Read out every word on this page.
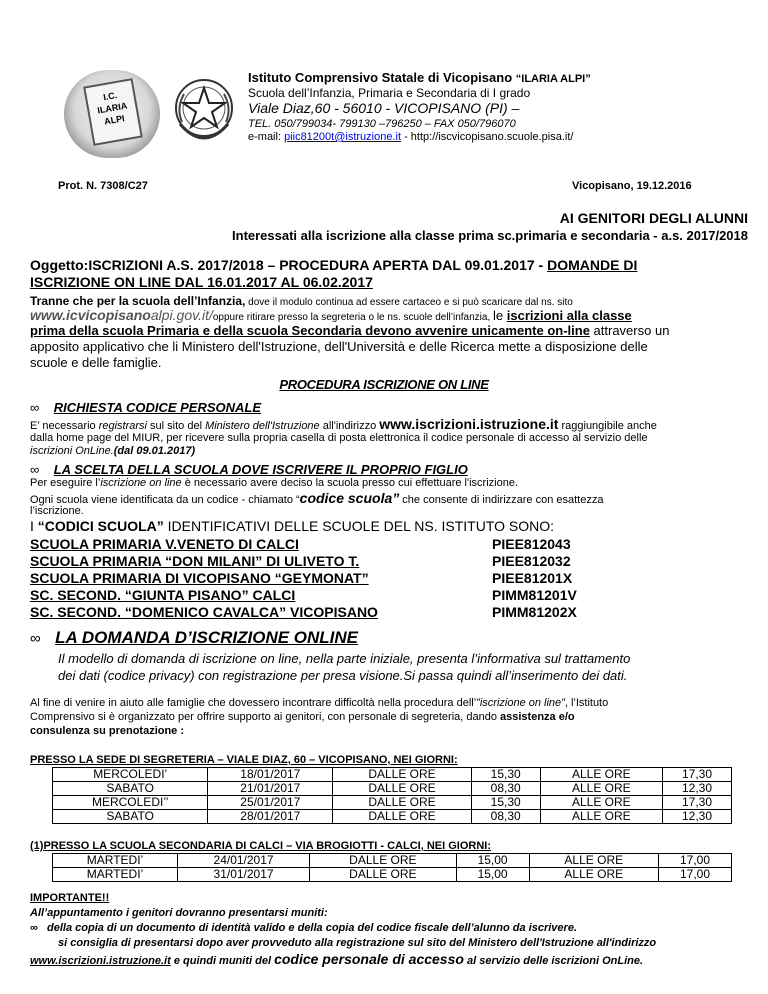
I.C. ILARIA ALPI
Istituto Comprensivo Statale di Vicopisano “ILARIA ALPI”
Scuola dell’Infanzia, Primaria e Secondaria di I grado
Viale Diaz,60 - 56010 - VICOPISANO (PI) –
TEL. 050/799034- 799130 –796250 – FAX 050/796070
e-mail: piic81200t@istruzione.it - http://iscvicopisano.scuole.pisa.it/
Prot. N. 7308/C27	Vicopisano, 19.12.2016
AI GENITORI DEGLI ALUNNI
Interessati alla iscrizione alla classe prima sc.primaria e secondaria - a.s. 2017/2018
Oggetto:ISCRIZIONI A.S. 2017/2018 – PROCEDURA APERTA DAL 09.01.2017 - DOMANDE DI
ISCRIZIONE ON LINE DAL 16.01.2017 AL 06.02.2017
Tranne che per la scuola dell’Infanzia, dove il modulo continua ad essere cartaceo e si può scaricare dal ns. sito
www.icvicopisanoalpi.gov.it/oppure ritirare presso la segreteria o le ns. scuole dell’infanzia, le iscrizioni alla classe
prima della scuola Primaria e della scuola Secondaria devono avvenire unicamente on-line attraverso un
apposito applicativo che li Ministero dell'Istruzione, dell'Università e delle Ricerca mette a disposizione delle
scuole e delle famiglie.
PROCEDURA ISCRIZIONE ON LINE
∞ RICHIESTA CODICE PERSONALE
E’ necessario registrarsi sul sito del Ministero dell'Istruzione all'indirizzo www.iscrizioni.istruzione.it raggiungibile anche
dalla home page del MIUR, per ricevere sulla propria casella di posta elettronica il codice personale di accesso al servizio delle
iscrizioni OnLine.(dal 09.01.2017)
∞ LA SCELTA DELLA SCUOLA DOVE ISCRIVERE IL PROPRIO FIGLIO
Per eseguire l’iscrizione on line è necessario avere deciso la scuola presso cui effettuare l'iscrizione.
Ogni scuola viene identificata da un codice - chiamato “codice scuola” che consente di indirizzare con esattezza
l’iscrizione.
I “CODICI SCUOLA” IDENTIFICATIVI DELLE SCUOLE DEL NS. ISTITUTO SONO:
SCUOLA PRIMARIA V.VENETO DI CALCI	PIEE812043
SCUOLA PRIMARIA “DON MILANI” DI ULIVETO T.	PIEE812032
SCUOLA PRIMARIA DI VICOPISANO “GEYMONAT”	PIEE81201X
SC. SECOND. “GIUNTA PISANO” CALCI	PIMM81201V
SC. SECOND. “DOMENICO CAVALCA” VICOPISANO	PIMM81202X
∞ LA DOMANDA D’ISCRIZIONE ONLINE
Il modello di domanda di iscrizione on line, nella parte iniziale, presenta l’informativa sul trattamento
dei dati (codice privacy) con registrazione per presa visione.Si passa quindi all’inserimento dei dati.
Al fine di venire in aiuto alle famiglie che dovessero incontrare difficoltà nella procedura dell’”iscrizione on line”, l’Istituto
Comprensivo si è organizzato per offrire supporto ai genitori, con personale di segreteria, dando assistenza e/o
consulenza su prenotazione :
PRESSO LA SEDE DI SEGRETERIA – VIALE DIAZ, 60 – VICOPISANO, NEI GIORNI:
MERCOLEDI’	18/01/2017	DALLE ORE	15,30	ALLE ORE	17,30
SABATO	21/01/2017	DALLE ORE	08,30	ALLE ORE	12,30
MERCOLEDI’’	25/01/2017	DALLE ORE	15,30	ALLE ORE	17,30
SABATO	28/01/2017	DALLE ORE	08,30	ALLE ORE	12,30
(1)PRESSO LA SCUOLA SECONDARIA DI CALCI – VIA BROGIOTTI - CALCI, NEI GIORNI:
MARTEDI’	24/01/2017	DALLE ORE	15,00	ALLE ORE	17,00
MARTEDI’	31/01/2017	DALLE ORE	15,00	ALLE ORE	17,00
IMPORTANTE!!
All’appuntamento i genitori dovranno presentarsi muniti:
∞ della copia di un documento di identità valido e della copia del codice fiscale dell’alunno da iscrivere.
si consiglia di presentarsi dopo aver provveduto alla registrazione sul sito del Ministero dell'Istruzione all'indirizzo
www.iscrizioni.istruzione.it e quindi muniti del codice personale di accesso al servizio delle iscrizioni OnLine.
